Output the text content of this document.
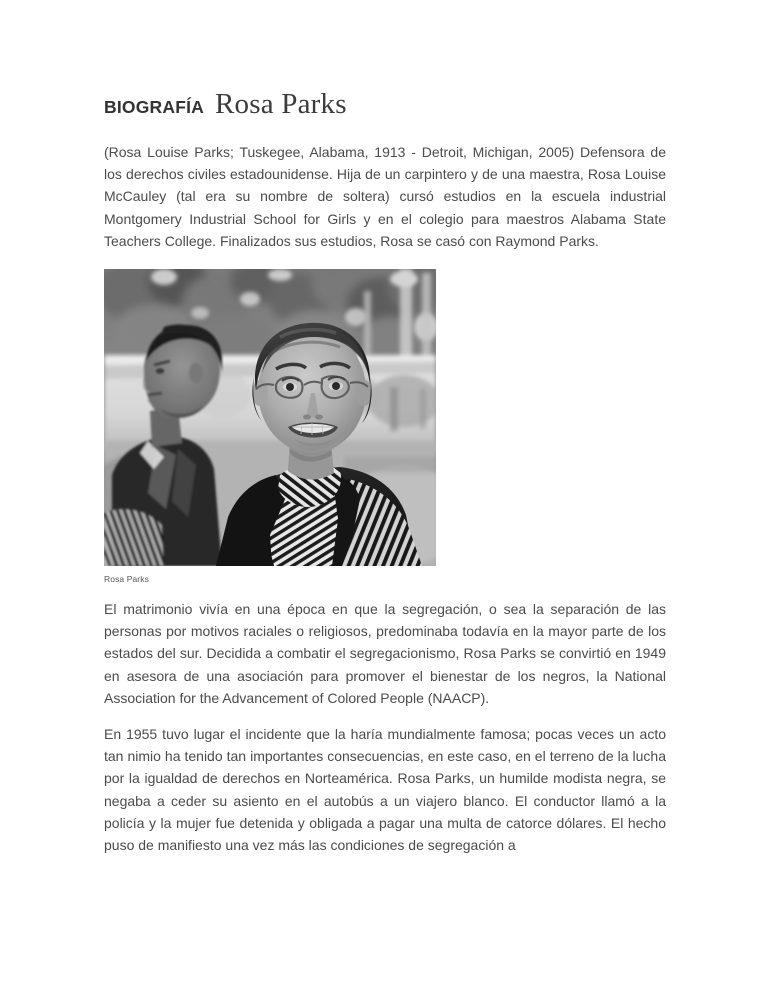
BIOGRAFÍA Rosa Parks

(Rosa Louise Parks; Tuskegee, Alabama, 1913 - Detroit, Michigan, 2005) Defensora de los derechos civiles estadounidense. Hija de un carpintero y de una maestra, Rosa Louise McCauley (tal era su nombre de soltera) cursó estudios en la escuela industrial Montgomery Industrial School for Girls y en el colegio para maestros Alabama State Teachers College. Finalizados sus estudios, Rosa se casó con Raymond Parks.

Rosa Parks

El matrimonio vivía en una época en que la segregación, o sea la separación de las personas por motivos raciales o religiosos, predominaba todavía en la mayor parte de los estados del sur. Decidida a combatir el segregacionismo, Rosa Parks se convirtió en 1949 en asesora de una asociación para promover el bienestar de los negros, la National Association for the Advancement of Colored People (NAACP).

En 1955 tuvo lugar el incidente que la haría mundialmente famosa; pocas veces un acto tan nimio ha tenido tan importantes consecuencias, en este caso, en el terreno de la lucha por la igualdad de derechos en Norteamérica. Rosa Parks, un humilde modista negra, se negaba a ceder su asiento en el autobús a un viajero blanco. El conductor llamó a la policía y la mujer fue detenida y obligada a pagar una multa de catorce dólares. El hecho puso de manifiesto una vez más las condiciones de segregación a
